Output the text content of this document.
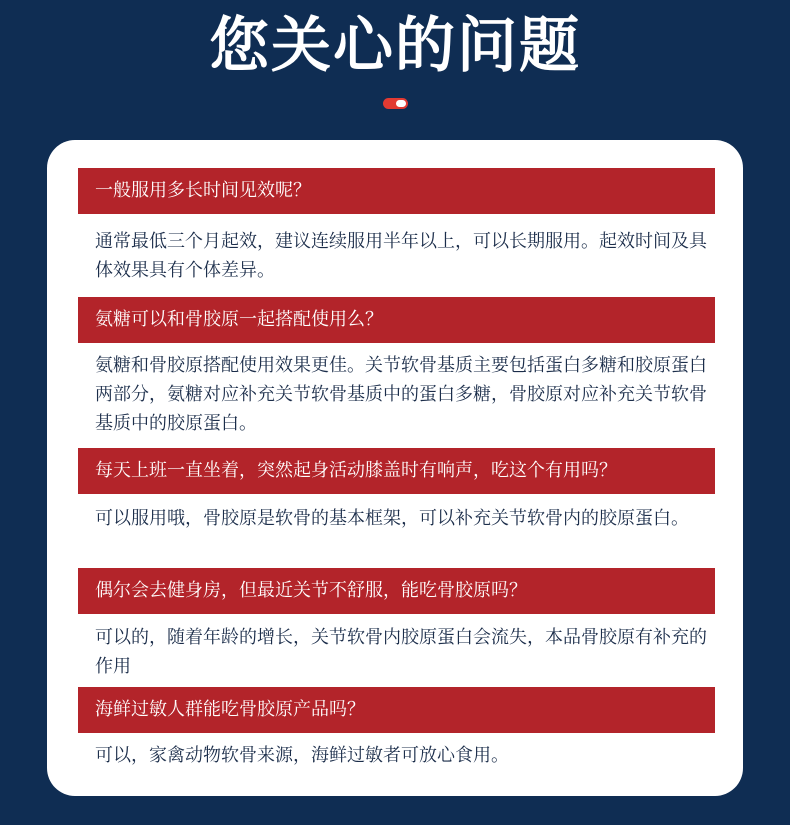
您关心的问题
一般服用多长时间见效呢？
通常最低三个月起效，建议连续服用半年以上，可以长期服用。起效时间及具体效果具有个体差异。
氨糖可以和骨胶原一起搭配使用么？
氨糖和骨胶原搭配使用效果更佳。关节软骨基质主要包括蛋白多糖和胶原蛋白两部分，氨糖对应补充关节软骨基质中的蛋白多糖，骨胶原对应补充关节软骨基质中的胶原蛋白。
每天上班一直坐着，突然起身活动膝盖时有响声，吃这个有用吗？
可以服用哦，骨胶原是软骨的基本框架，可以补充关节软骨内的胶原蛋白。
偶尔会去健身房，但最近关节不舒服，能吃骨胶原吗？
可以的，随着年龄的增长，关节软骨内胶原蛋白会流失，本品骨胶原有补充的作用
海鲜过敏人群能吃骨胶原产品吗？
可以，家禽动物软骨来源，海鲜过敏者可放心食用。
